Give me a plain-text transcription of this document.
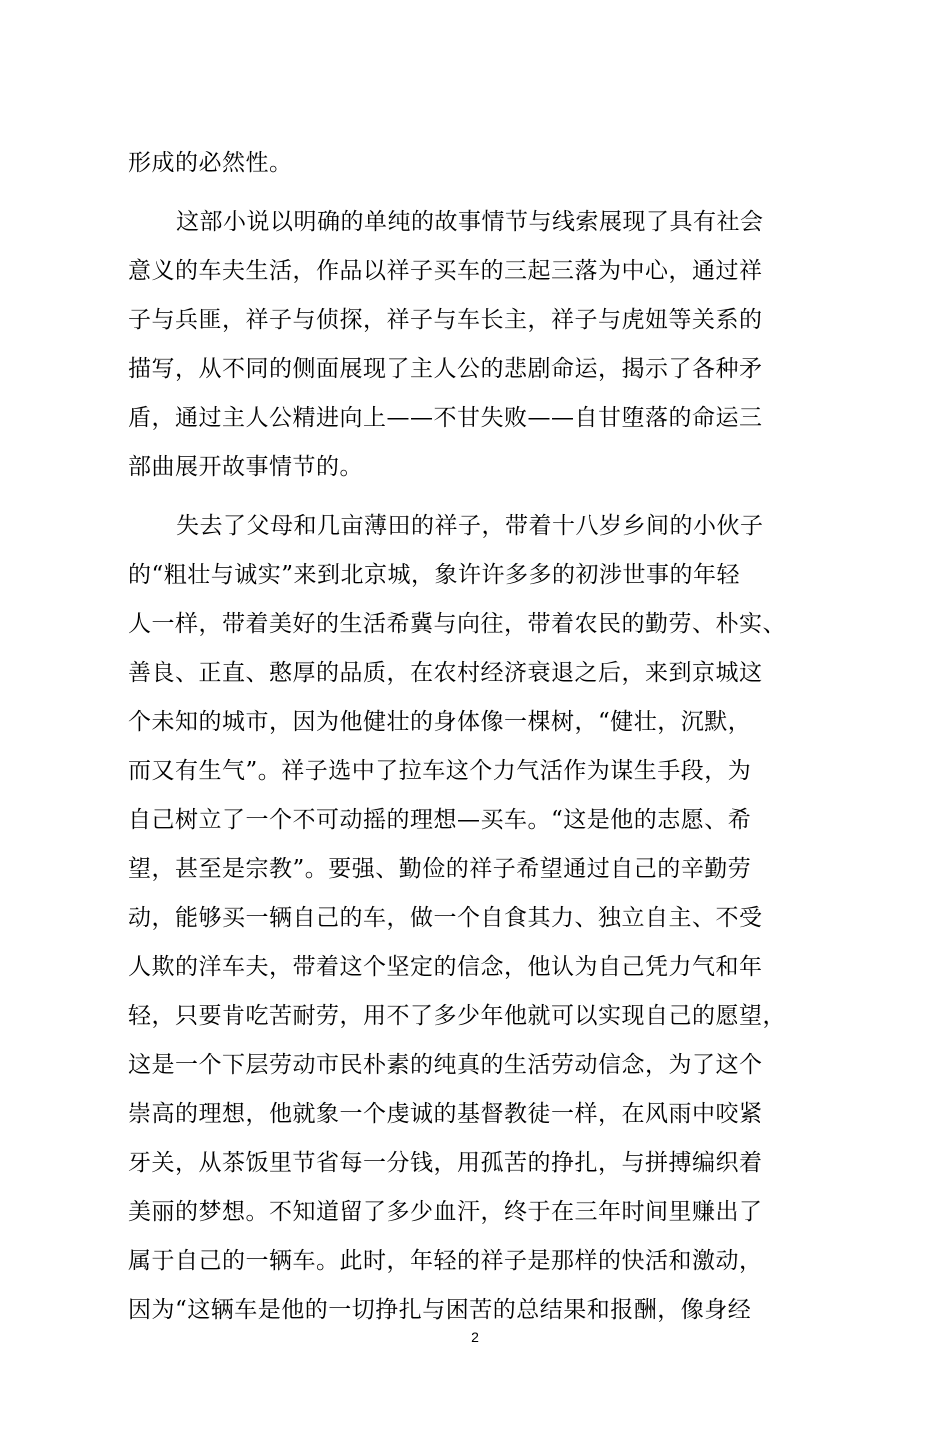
形成的必然性。
这部小说以明确的单纯的故事情节与线索展现了具有社会
意义的车夫生活，作品以祥子买车的三起三落为中心，通过祥
子与兵匪，祥子与侦探，祥子与车长主，祥子与虎妞等关系的
描写，从不同的侧面展现了主人公的悲剧命运，揭示了各种矛
盾，通过主人公精进向上——不甘失败——自甘堕落的命运三
部曲展开故事情节的。
失去了父母和几亩薄田的祥子，带着十八岁乡间的小伙子
的“粗壮与诚实”来到北京城，象许许多多的初涉世事的年轻
人一样，带着美好的生活希冀与向往，带着农民的勤劳、朴实、
善良、正直、憨厚的品质，在农村经济衰退之后，来到京城这
个未知的城市，因为他健壮的身体像一棵树，“健壮，沉默，
而又有生气”。祥子选中了拉车这个力气活作为谋生手段，为
自己树立了一个不可动摇的理想—买车。“这是他的志愿、希
望，甚至是宗教”。要强、勤俭的祥子希望通过自己的辛勤劳
动，能够买一辆自己的车，做一个自食其力、独立自主、不受
人欺的洋车夫，带着这个坚定的信念，他认为自己凭力气和年
轻，只要肯吃苦耐劳，用不了多少年他就可以实现自己的愿望，
这是一个下层劳动市民朴素的纯真的生活劳动信念，为了这个
崇高的理想，他就象一个虔诚的基督教徒一样，在风雨中咬紧
牙关，从茶饭里节省每一分钱，用孤苦的挣扎，与拼搏编织着
美丽的梦想。不知道留了多少血汗，终于在三年时间里赚出了
属于自己的一辆车。此时，年轻的祥子是那样的快活和激动，
因为“这辆车是他的一切挣扎与困苦的总结果和报酬，像身经
2
